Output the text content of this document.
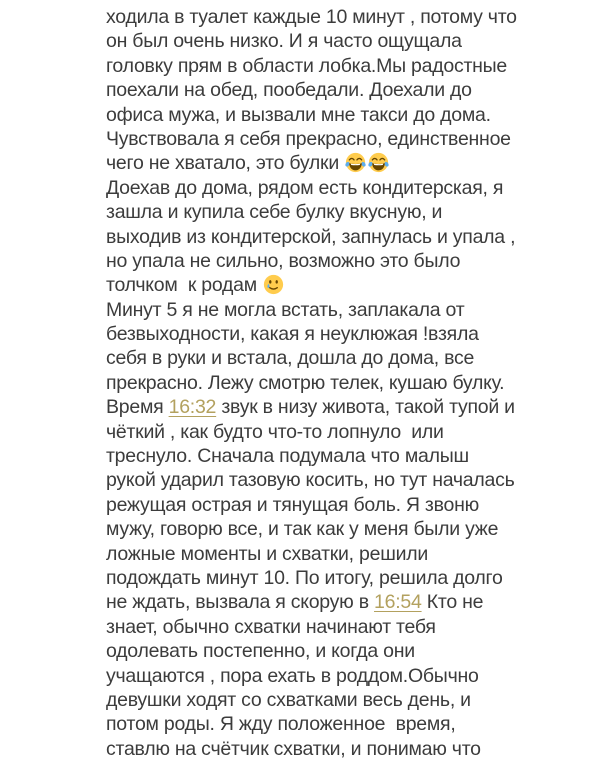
ходила в туалет каждые 10 минут , потому что
он был очень низко. И я часто ощущала
головку прям в области лобка.Мы радостные
поехали на обед, пообедали. Доехали до
офиса мужа, и вызвали мне такси до дома.
Чувствовала я себя прекрасно, единственное
чего не хватало, это булки
Доехав до дома, рядом есть кондитерская, я
зашла и купила себе булку вкусную, и
выходив из кондитерской, запнулась и упала ,
но упала не сильно, возможно это было
толчком  к родам
Минут 5 я не могла встать, заплакала от
безвыходности, какая я неуклюжая !взяла
себя в руки и встала, дошла до дома, все
прекрасно. Лежу смотрю телек, кушаю булку.
Время 16:32 звук в низу живота, такой тупой и
чёткий , как будто что-то лопнуло  или
треснуло. Сначала подумала что малыш
рукой ударил тазовую косить, но тут началась
режущая острая и тянущая боль. Я звоню
мужу, говорю все, и так как у меня были уже
ложные моменты и схватки, решили
подождать минут 10. По итогу, решила долго
не ждать, вызвала я скорую в 16:54 Кто не
знает, обычно схватки начинают тебя
одолевать постепенно, и когда они
учащаются , пора ехать в роддом.Обычно
девушки ходят со схватками весь день, и
потом роды. Я жду положенное  время,
ставлю на счётчик схватки, и понимаю что
